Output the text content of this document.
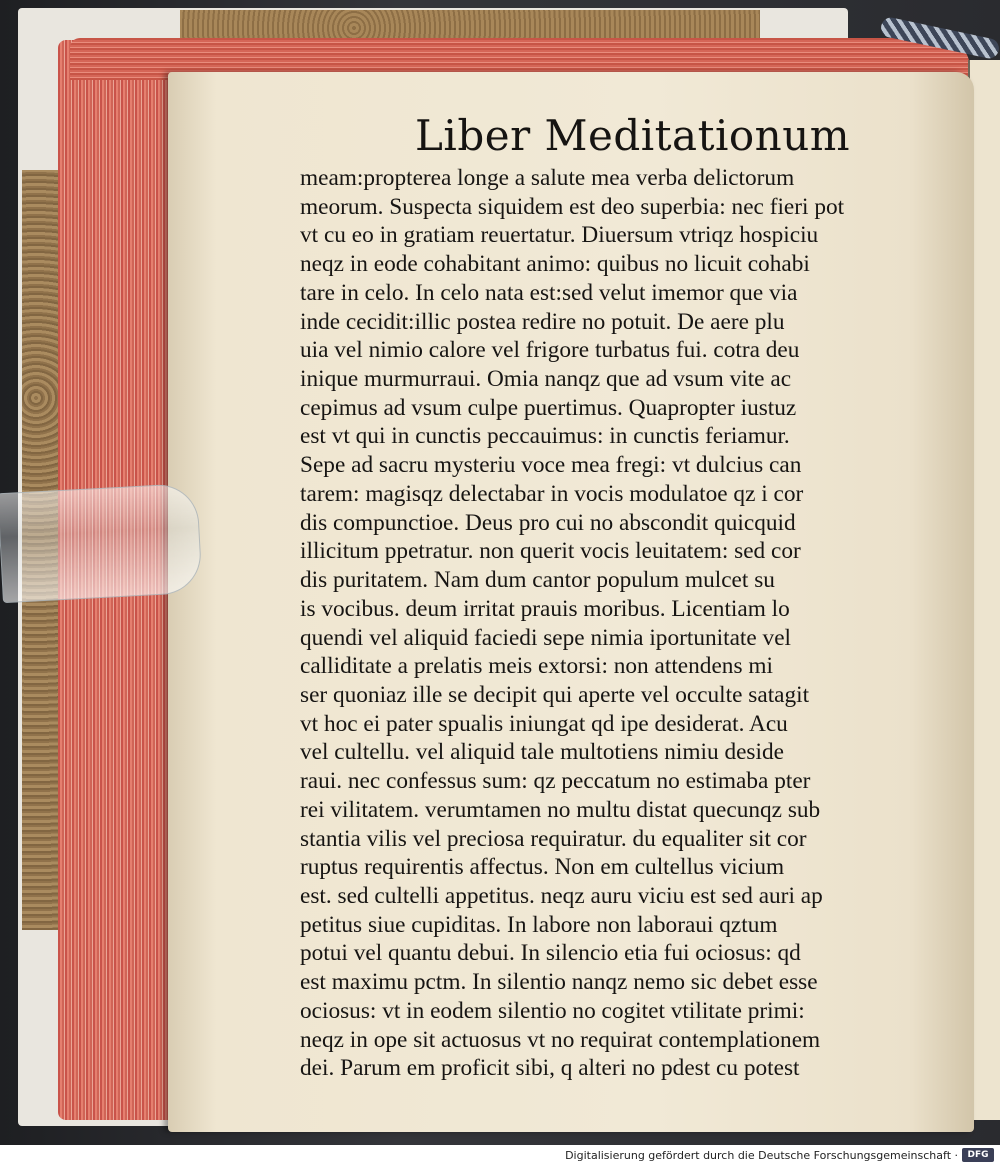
Liber Meditationum
meam:propterea longe a salute mea verba delictorum
meorum. Suspecta siquidem est deo superbia: nec fieri pot
vt cu eo in gratiam reuertatur. Diuersum vtriqz hospiciu
neqz in eode cohabitant animo: quibus no licuit cohabi
tare in celo. In celo nata est:sed velut imemor que via
inde cecidit:illic postea redire no potuit. De aere plu
uia vel nimio calore vel frigore turbatus fui. cotra deu
inique murmurraui. Omia nanqz que ad vsum vite ac
cepimus ad vsum culpe puertimus. Quapropter iustuz
est vt qui in cunctis peccauimus: in cunctis feriamur.
Sepe ad sacru mysteriu voce mea fregi: vt dulcius can
tarem: magisqz delectabar in vocis modulatoe qz i cor
dis compunctioe. Deus pro cui no abscondit quicquid
illicitum ppetratur. non querit vocis leuitatem: sed cor
dis puritatem. Nam dum cantor populum mulcet su
is vocibus. deum irritat prauis moribus. Licentiam lo
quendi vel aliquid faciedi sepe nimia iportunitate vel
calliditate a prelatis meis extorsi: non attendens mi
ser quoniaz ille se decipit qui aperte vel occulte satagit
vt hoc ei pater spualis iniungat qd ipe desiderat. Acu
vel cultellu. vel aliquid tale multotiens nimiu deside
raui. nec confessus sum: qz peccatum no estimaba pter
rei vilitatem. verumtamen no multu distat quecunqz sub
stantia vilis vel preciosa requiratur. du equaliter sit cor
ruptus requirentis affectus. Non em cultellus vicium
est. sed cultelli appetitus. neqz auru viciu est sed auri ap
petitus siue cupiditas. In labore non laboraui qztum
potui vel quantu debui. In silencio etia fui ociosus: qd
est maximu pctm. In silentio nanqz nemo sic debet esse
ociosus: vt in eodem silentio no cogitet vtilitate primi:
neqz in ope sit actuosus vt no requirat contemplationem
dei. Parum em proficit sibi, q alteri no pdest cu potest
Digitalisierung gefördert durch die Deutsche Forschungsgemeinschaft ·	DFG
